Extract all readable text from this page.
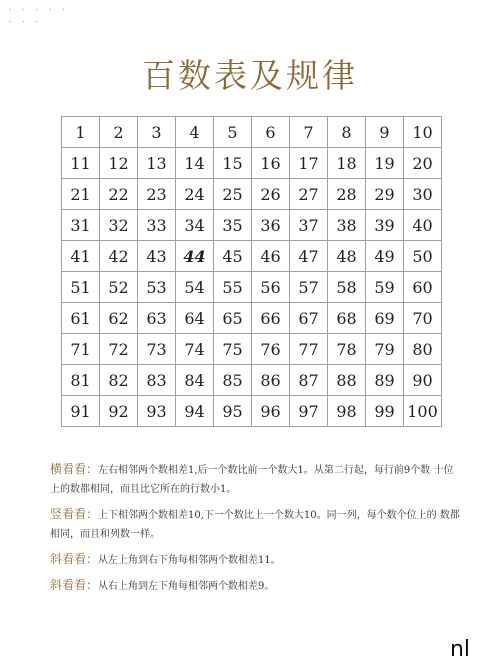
` ` ` ` `
` ` `
百数表及规律
1	2	3	4	5	6	7	8	9	10
11	12	13	14	15	16	17	18	19	20
21	22	23	24	25	26	27	28	29	30
31	32	33	34	35	36	37	38	39	40
41	42	43	44	45	46	47	48	49	50
51	52	53	54	55	56	57	58	59	60
61	62	63	64	65	66	67	68	69	70
71	72	73	74	75	76	77	78	79	80
81	82	83	84	85	86	87	88	89	90
91	92	93	94	95	96	97	98	99	100
横看看：左右相邻两个数相差1,后一个数比前一个数大1。从第二行起，每行前9个数 十位上的数都相同，而且比它所在的行数小1。
竖看看：上下相邻两个数相差10,下一个数比上一个数大10。同一列，每个数个位上的 数都相同，而且和列数一样。
斜看看：从左上角到右下角每相邻两个数相差11。
斜看看：从右上角到左下角每相邻两个数相差9。
nl
